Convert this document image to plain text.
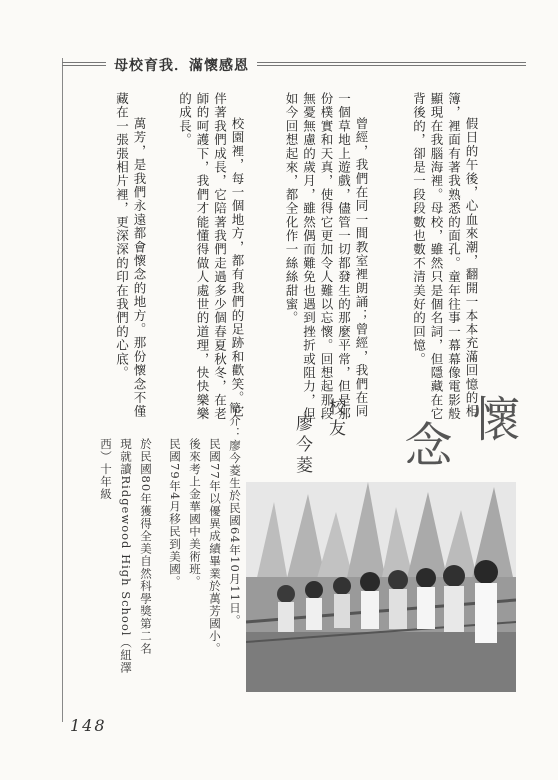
母校育我．滿懷感恩
假日的午後，心血來潮，翻開一本本充滿回憶的相簿，裡面有著我熟悉的面孔。童年往事一幕幕像電影般顯現在我腦海裡。母校，雖然只是個名詞，但隱藏在它背後的，卻是一段段數也數不清美好的回憶。
曾經，我們在同一間教室裡朗誦；曾經，我們在同一個草地上遊戲，儘管一切都發生的那麼平常，但是那份樸實和天真，使得它更加令人難以忘懷。回想起那段無憂無慮的歲月，雖然偶而難免也遇到挫折或阻力，但如今回想起來，都全化作一絲絲甜蜜。
校園裡，每一個地方，都有我們的足跡和歡笑。它伴著我們成長，它陪著我們走過多少個春夏秋冬，在老師的呵護下，我們才能懂得做人處世的道理，快快樂樂的成長。
萬芳，是我們永遠都會懷念的地方。那份懷念不僅藏在一張張相片裡，更深深的印在我們的心底。
懷
念
校友
廖今菱
簡介：廖今菱生於民國64年10月11日。
民國77年以優異成績畢業於萬芳國小。
後來考上金華國中美術班。
民國79年4月移民到美國。
於民國80年獲得全美自然科學獎第二名
現就讀Ridgewood High School（紐澤
西）十年級
148
